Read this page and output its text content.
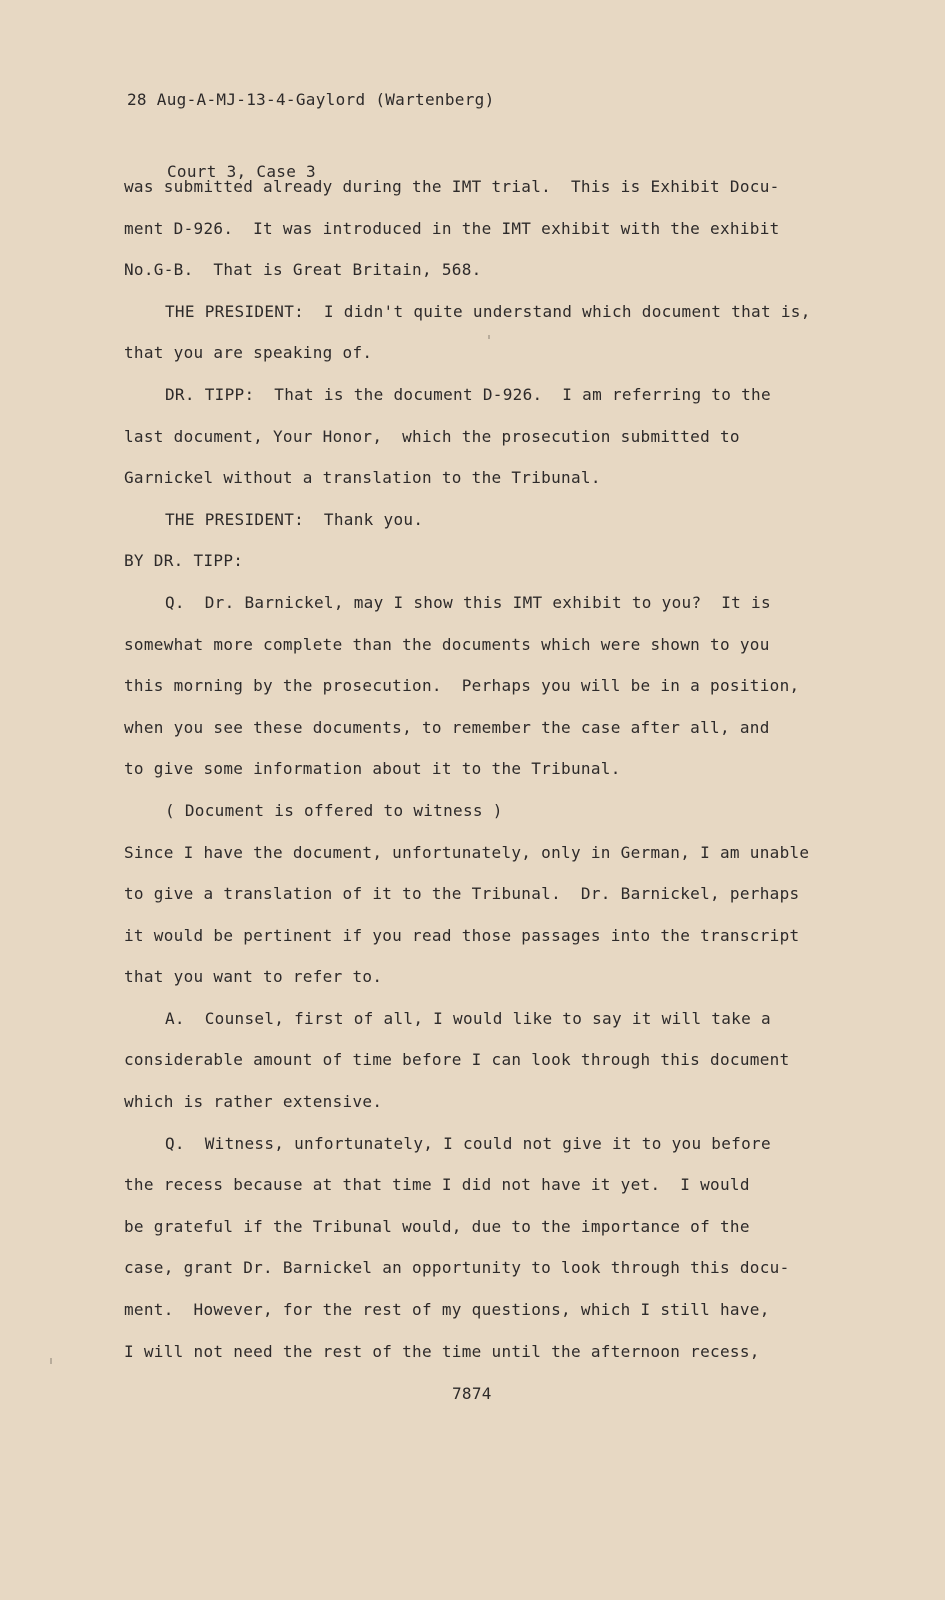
28 Aug-A-MJ-13-4-Gaylord (Wartenberg)

Court 3, Case 3

was submitted already during the IMT trial.  This is Exhibit Docu-
ment D-926.  It was introduced in the IMT exhibit with the exhibit
No.G-B.  That is Great Britain, 568.
THE PRESIDENT:  I didn't quite understand which document that is,
that you are speaking of.
DR. TIPP:  That is the document D-926.  I am referring to the
last document, Your Honor,  which the prosecution submitted to
Garnickel without a translation to the Tribunal.
THE PRESIDENT:  Thank you.
BY DR. TIPP:
Q.  Dr. Barnickel, may I show this IMT exhibit to you?  It is
somewhat more complete than the documents which were shown to you
this morning by the prosecution.  Perhaps you will be in a position,
when you see these documents, to remember the case after all, and
to give some information about it to the Tribunal.
( Document is offered to witness )
Since I have the document, unfortunately, only in German, I am unable
to give a translation of it to the Tribunal.  Dr. Barnickel, perhaps
it would be pertinent if you read those passages into the transcript
that you want to refer to.
A.  Counsel, first of all, I would like to say it will take a
considerable amount of time before I can look through this document
which is rather extensive.
Q.  Witness, unfortunately, I could not give it to you before
the recess because at that time I did not have it yet.  I would
be grateful if the Tribunal would, due to the importance of the
case, grant Dr. Barnickel an opportunity to look through this docu-
ment.  However, for the rest of my questions, which I still have,
I will not need the rest of the time until the afternoon recess,
7874
